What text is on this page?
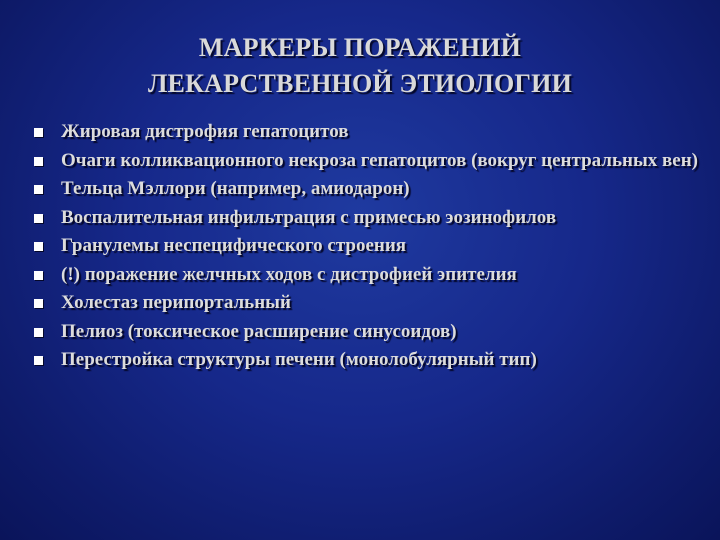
МАРКЕРЫ ПОРАЖЕНИЙ
ЛЕКАРСТВЕННОЙ ЭТИОЛОГИИ
Жировая дистрофия гепатоцитов
Очаги колликвационного некроза гепатоцитов (вокруг центральных вен)
Тельца Мэллори (например, амиодарон)
Воспалительная инфильтрация с примесью эозинофилов
Гранулемы неспецифического строения
(!) поражение желчных ходов с дистрофией эпителия
Холестаз перипортальный
Пелиоз (токсическое расширение синусоидов)
Перестройка структуры печени (монолобулярный тип)
